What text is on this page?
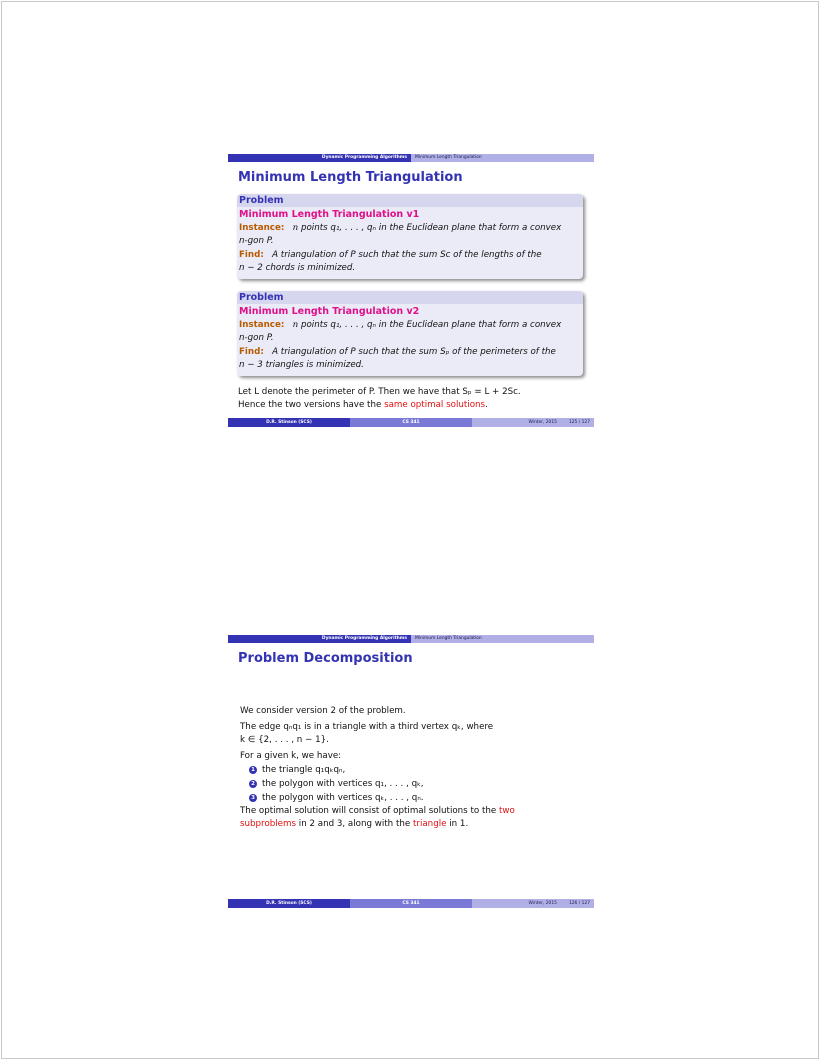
Dynamic Programming Algorithms	Minimum Length Triangulation
Minimum Length Triangulation
Problem
Minimum Length Triangulation v1
Instance: n points q₁, . . . , qₙ in the Euclidean plane that form a convex
n-gon P.
Find: A triangulation of P such that the sum Sᴄ of the lengths of the
n − 2 chords is minimized.
Problem
Minimum Length Triangulation v2
Instance: n points q₁, . . . , qₙ in the Euclidean plane that form a convex
n-gon P.
Find: A triangulation of P such that the sum Sₚ of the perimeters of the
n − 3 triangles is minimized.
Let L denote the perimeter of P. Then we have that Sₚ = L + 2Sᴄ.
Hence the two versions have the same optimal solutions.
D.R. Stinson (SCS)	CS 341	Winter, 2015	125 / 127
Dynamic Programming Algorithms	Minimum Length Triangulation
Problem Decomposition
We consider version 2 of the problem.
The edge qₙq₁ is in a triangle with a third vertex qₖ, where
k ∈ {2, . . . , n − 1}.
For a given k, we have:
1 the triangle q₁qₖqₙ,
2 the polygon with vertices q₁, . . . , qₖ,
3 the polygon with vertices qₖ, . . . , qₙ.
The optimal solution will consist of optimal solutions to the two
subproblems in 2 and 3, along with the triangle in 1.
D.R. Stinson (SCS)	CS 341	Winter, 2015	126 / 127
